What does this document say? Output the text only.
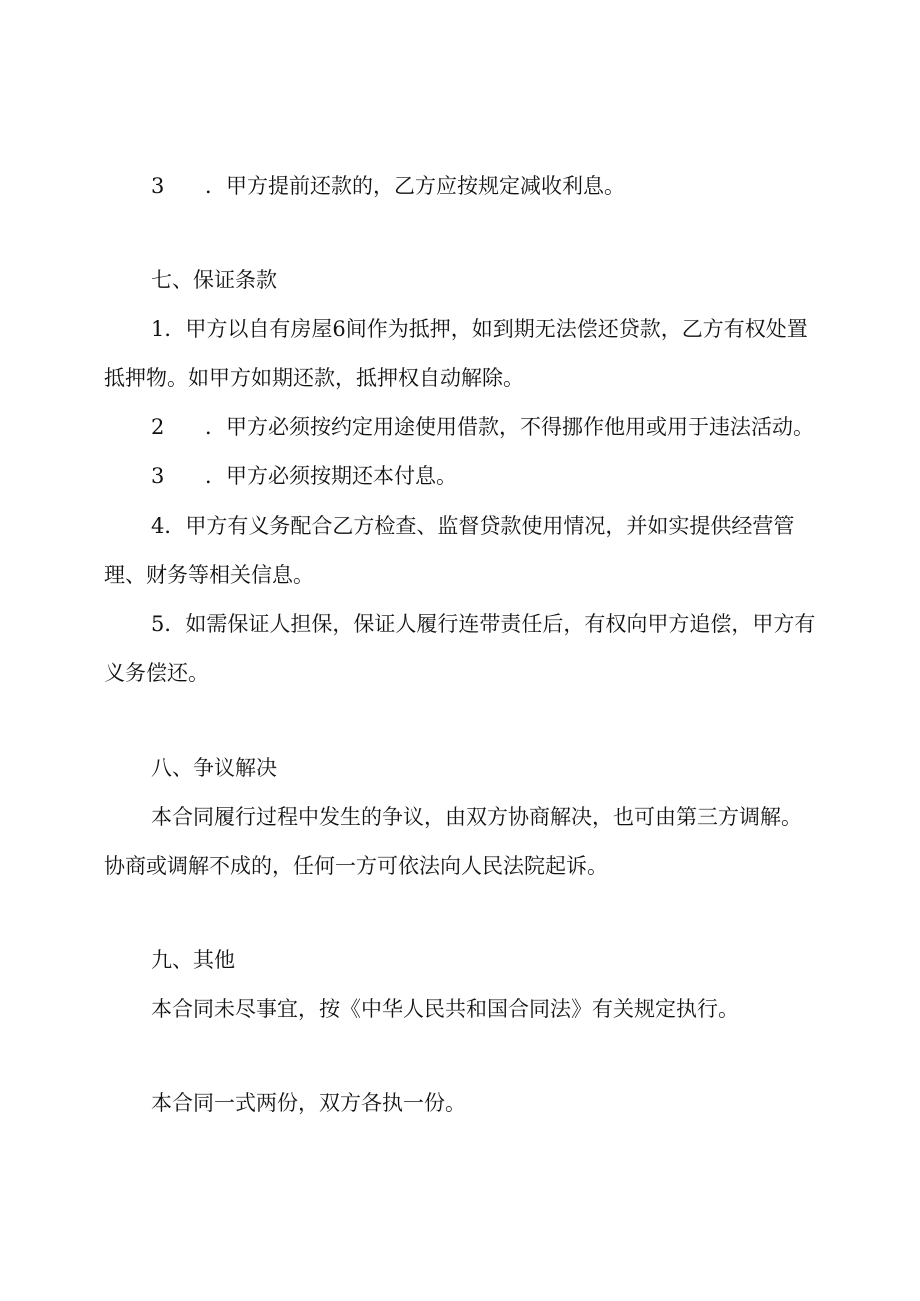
3 ．甲方提前还款的，乙方应按规定减收利息。
七、保证条款
1．甲方以自有房屋6间作为抵押，如到期无法偿还贷款，乙方有权处置
抵押物。如甲方如期还款，抵押权自动解除。
2 ．甲方必须按约定用途使用借款，不得挪作他用或用于违法活动。
3 ．甲方必须按期还本付息。
4．甲方有义务配合乙方检查、监督贷款使用情况，并如实提供经营管
理、财务等相关信息。
5．如需保证人担保，保证人履行连带责任后，有权向甲方追偿，甲方有
义务偿还。
八、争议解决
本合同履行过程中发生的争议，由双方协商解决，也可由第三方调解。
协商或调解不成的，任何一方可依法向人民法院起诉。
九、其他
本合同未尽事宜，按《中华人民共和国合同法》有关规定执行。
本合同一式两份，双方各执一份。
